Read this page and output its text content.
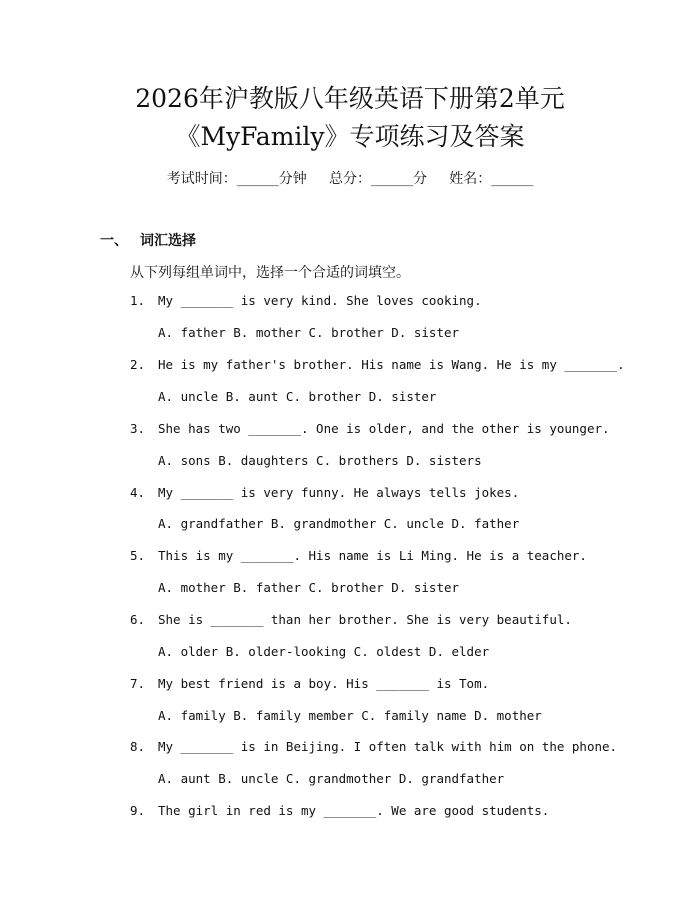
2026年沪教版八年级英语下册第2单元
《MyFamily》专项练习及答案
考试时间：______分钟     总分：______分     姓名：______
一、 词汇选择
从下列每组单词中，选择一个合适的词填空。
1. My _______ is very kind. She loves cooking.
A. father B. mother C. brother D. sister
2. He is my father's brother. His name is Wang. He is my _______.
A. uncle B. aunt C. brother D. sister
3. She has two _______. One is older, and the other is younger.
A. sons B. daughters C. brothers D. sisters
4. My _______ is very funny. He always tells jokes.
A. grandfather B. grandmother C. uncle D. father
5. This is my _______. His name is Li Ming. He is a teacher.
A. mother B. father C. brother D. sister
6. She is _______ than her brother. She is very beautiful.
A. older B. older-looking C. oldest D. elder
7. My best friend is a boy. His _______ is Tom.
A. family B. family member C. family name D. mother
8. My _______ is in Beijing. I often talk with him on the phone.
A. aunt B. uncle C. grandmother D. grandfather
9. The girl in red is my _______. We are good students.
